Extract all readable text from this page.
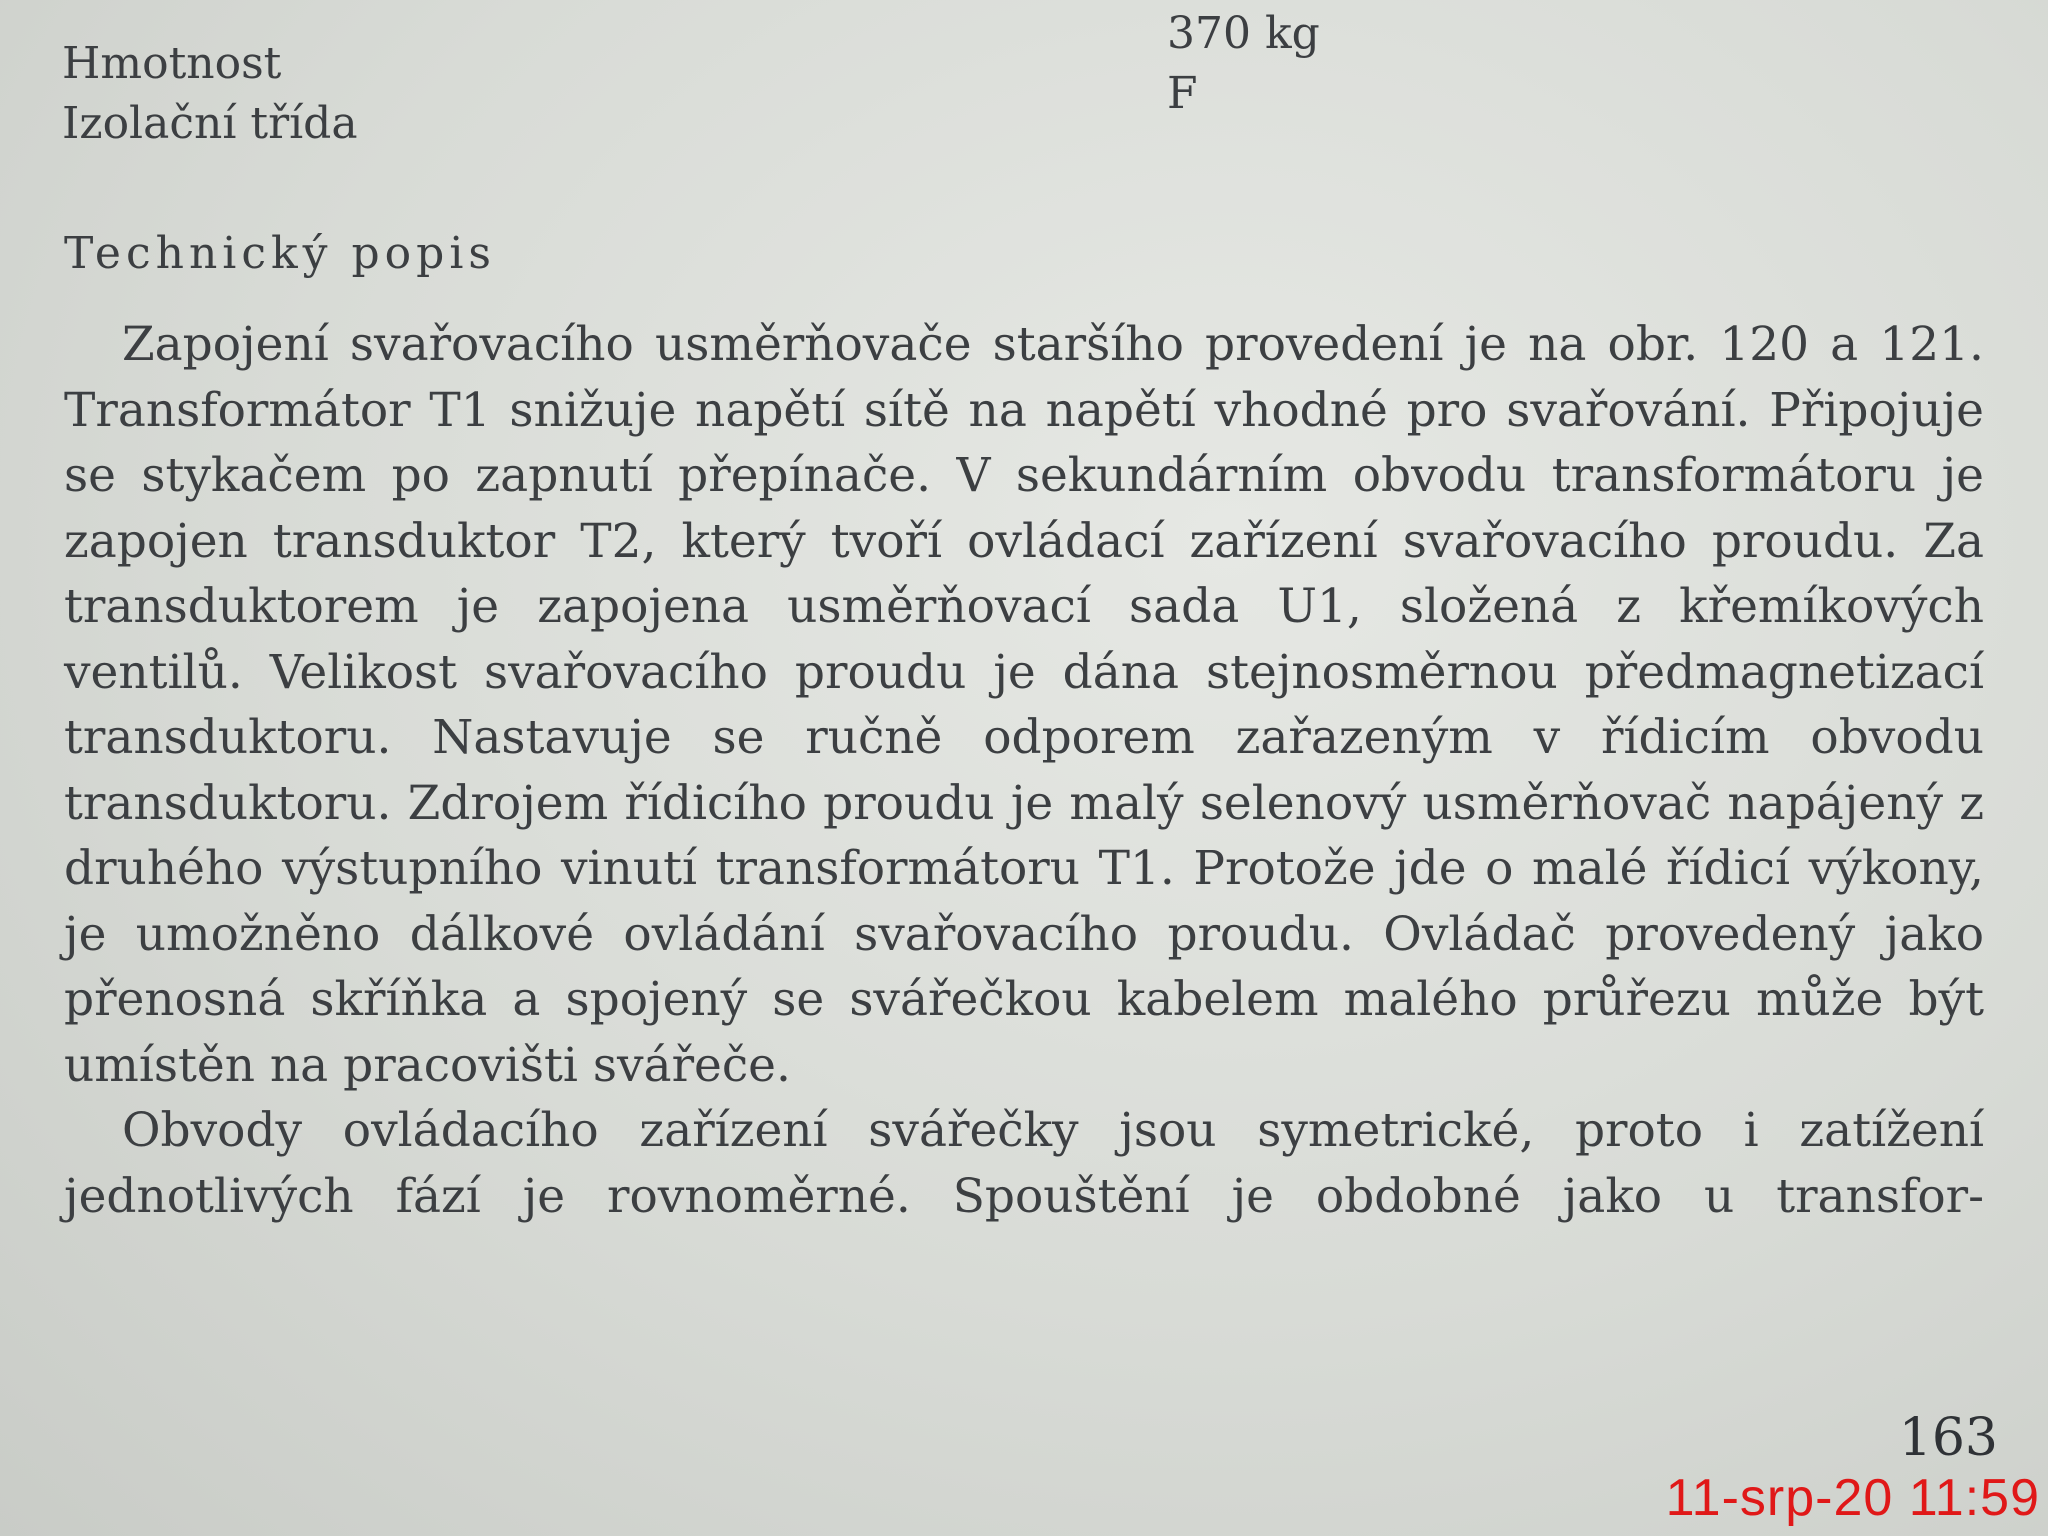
Hmotnost
370 kg
Izolační třída
F
Technický popis

Zapojení svařovacího usměrňovače staršího provedení je na obr. 120 a 121. Transformátor T1 snižuje napětí sítě na napětí vhodné pro svařování. Připojuje se stykačem po zapnutí přepínače. V sekundárním obvodu transformátoru je zapojen transduktor T2, který tvoří ovládací zařízení svařovacího proudu. Za transduktorem je zapojena usměrňovací sada U1, složená z křemíkových ventilů. Velikost svařovacího proudu je dána stejnosměrnou předmagnetizací transduktoru. Nastavuje se ručně odporem zařazeným v řídicím obvodu transduktoru. Zdrojem řídicího proudu je malý selenový usměrňovač napájený z druhého výstupního vinutí transformátoru T1. Protože jde o malé řídicí výkony, je umožněno dálkové ovládání svařovacího proudu. Ovládač provedený jako přenosná skříňka a spojený se svářečkou kabelem malého průřezu může být umístěn na pracovišti svářeče.

Obvody ovládacího zařízení svářečky jsou symetrické, proto i zatížení jednotlivých fází je rovnoměrné. Spouštění je obdobné jako u transfor-

163
11-srp-20 11:59
